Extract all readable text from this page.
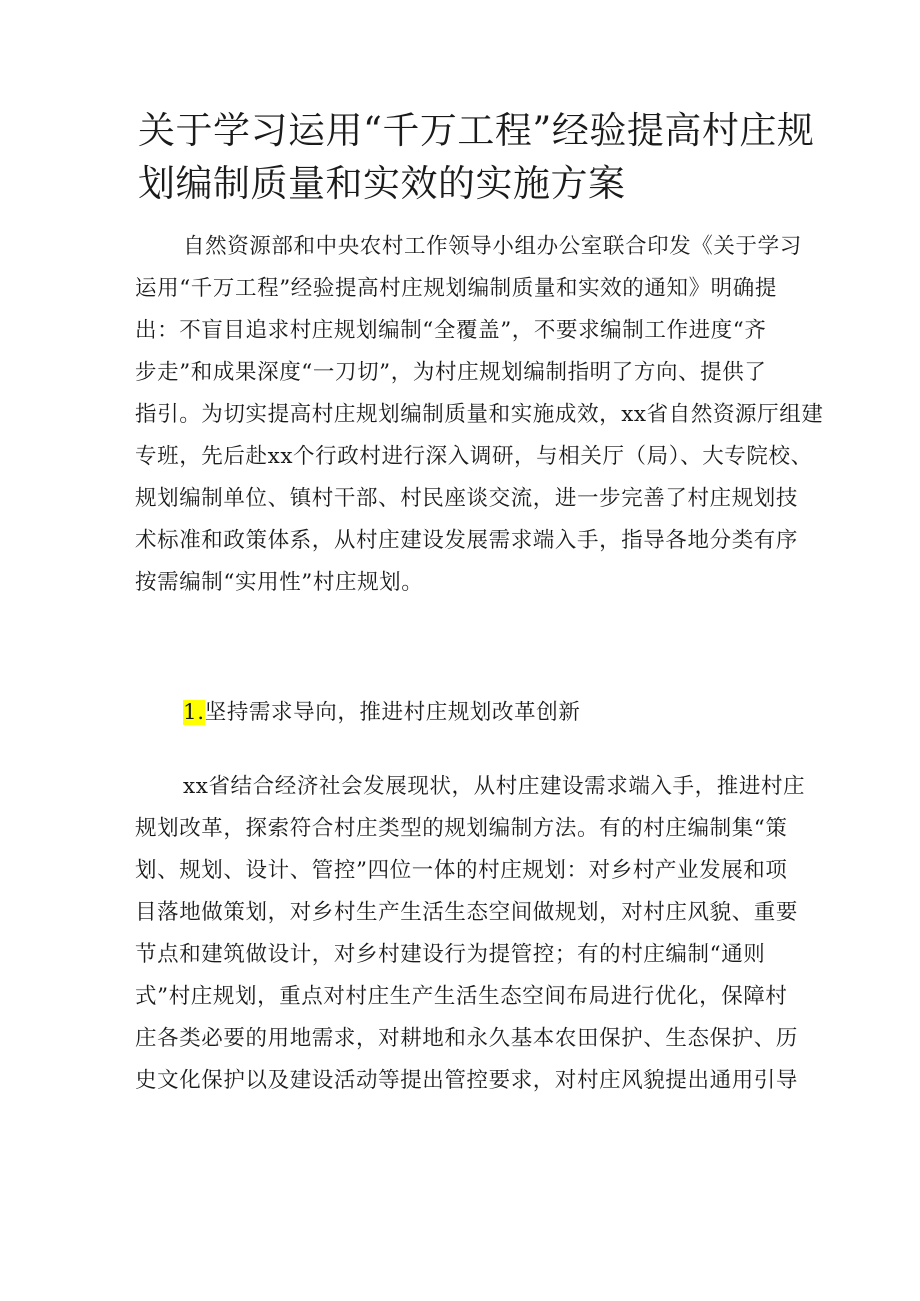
关于学习运用“千万工程”经验提高村庄规
划编制质量和实效的实施方案

自然资源部和中央农村工作领导小组办公室联合印发《关于学习
运用“千万工程”经验提高村庄规划编制质量和实效的通知》明确提
出：不盲目追求村庄规划编制“全覆盖”，不要求编制工作进度“齐
步走”和成果深度“一刀切”，为村庄规划编制指明了方向、提供了
指引。为切实提高村庄规划编制质量和实施成效，xx省自然资源厅组建
专班，先后赴xx个行政村进行深入调研，与相关厅（局）、大专院校、
规划编制单位、镇村干部、村民座谈交流，进一步完善了村庄规划技
术标准和政策体系，从村庄建设发展需求端入手，指导各地分类有序
按需编制“实用性”村庄规划。

1.坚持需求导向，推进村庄规划改革创新

xx省结合经济社会发展现状，从村庄建设需求端入手，推进村庄
规划改革，探索符合村庄类型的规划编制方法。有的村庄编制集“策
划、规划、设计、管控”四位一体的村庄规划：对乡村产业发展和项
目落地做策划，对乡村生产生活生态空间做规划，对村庄风貌、重要
节点和建筑做设计，对乡村建设行为提管控；有的村庄编制“通则
式”村庄规划，重点对村庄生产生活生态空间布局进行优化，保障村
庄各类必要的用地需求，对耕地和永久基本农田保护、生态保护、历
史文化保护以及建设活动等提出管控要求，对村庄风貌提出通用引导
